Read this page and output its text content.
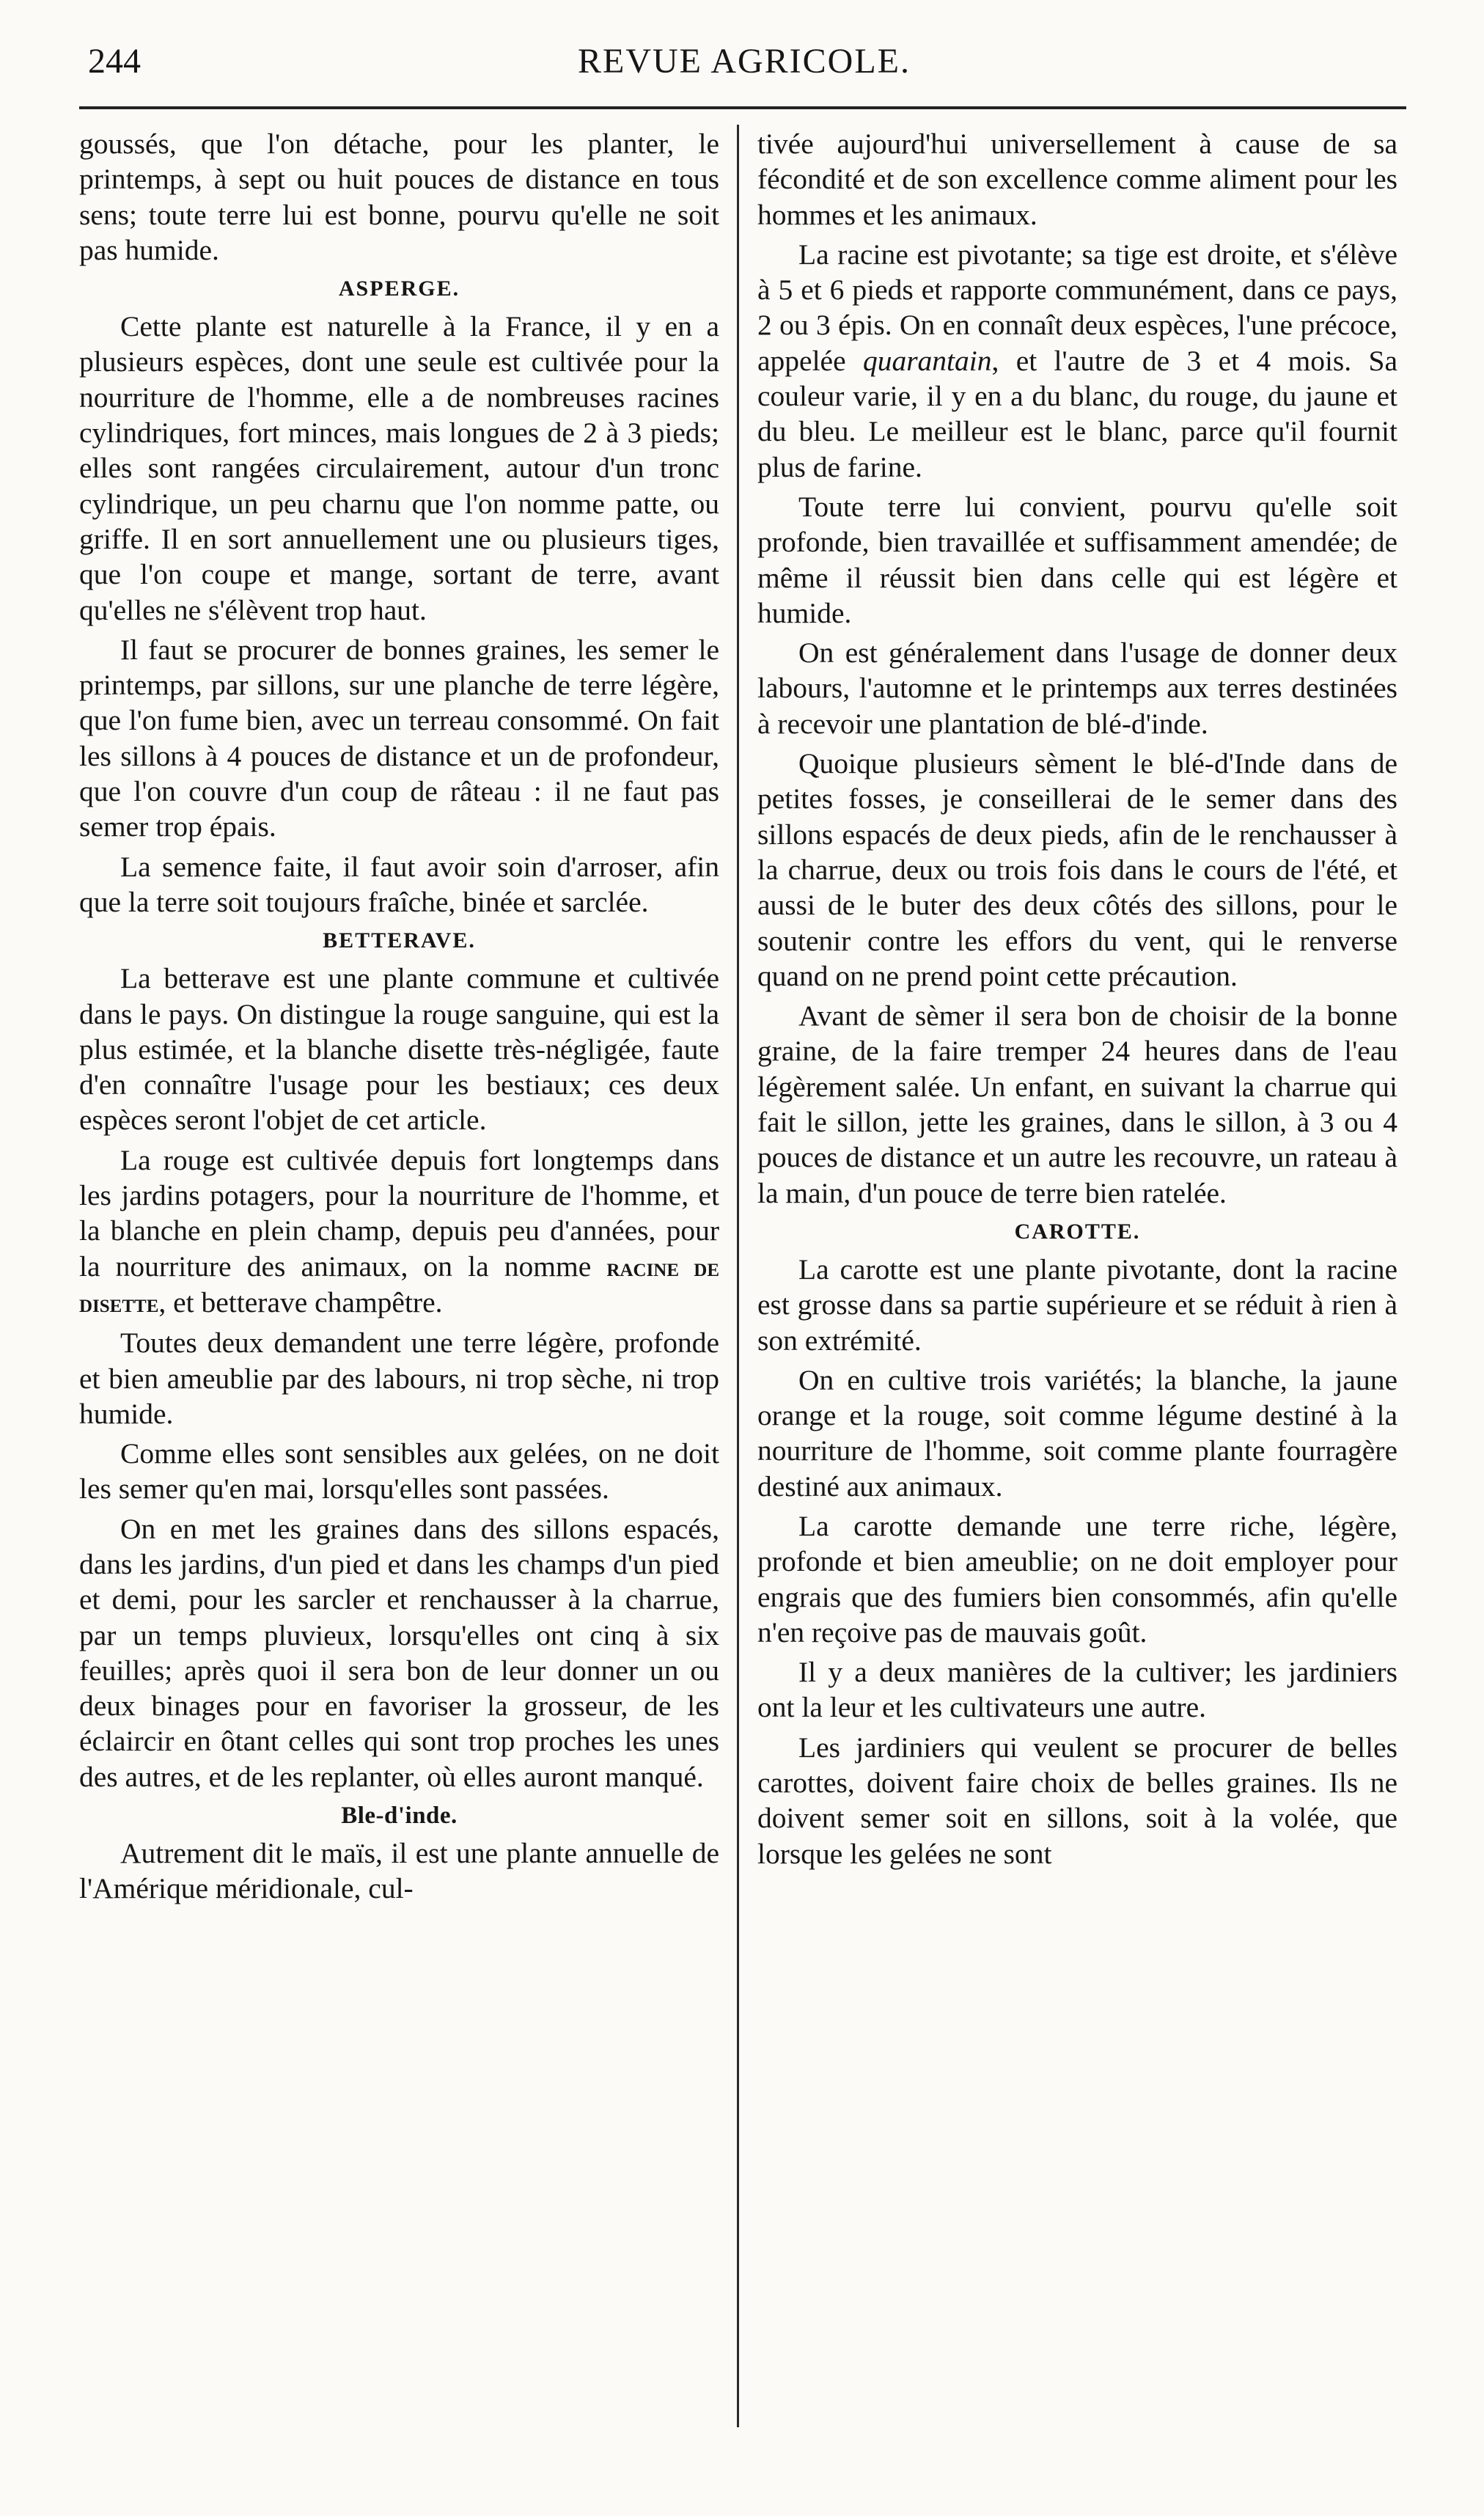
244	REVUE AGRICOLE.

goussés, que l'on détache, pour les planter, le printemps, à sept ou huit pouces de distance en tous sens; toute terre lui est bonne, pourvu qu'elle ne soit pas humide.

ASPERGE.

Cette plante est naturelle à la France, il y en a plusieurs espèces, dont une seule est cultivée pour la nourriture de l'homme, elle a de nombreuses racines cylindriques, fort minces, mais longues de 2 à 3 pieds; elles sont rangées circulairement, autour d'un tronc cylindrique, un peu charnu que l'on nomme patte, ou griffe. Il en sort annuellement une ou plusieurs tiges, que l'on coupe et mange, sortant de terre, avant qu'elles ne s'élèvent trop haut.

Il faut se procurer de bonnes graines, les semer le printemps, par sillons, sur une planche de terre légère, que l'on fume bien, avec un terreau consommé. On fait les sillons à 4 pouces de distance et un de profondeur, que l'on couvre d'un coup de râteau : il ne faut pas semer trop épais.

La semence faite, il faut avoir soin d'arroser, afin que la terre soit toujours fraîche, binée et sarclée.

BETTERAVE.

La betterave est une plante commune et cultivée dans le pays. On distingue la rouge sanguine, qui est la plus estimée, et la blanche disette très-négligée, faute d'en connaître l'usage pour les bestiaux; ces deux espèces seront l'objet de cet article.

La rouge est cultivée depuis fort longtemps dans les jardins potagers, pour la nourriture de l'homme, et la blanche en plein champ, depuis peu d'années, pour la nourriture des animaux, on la nomme racine de disette, et betterave champêtre.

Toutes deux demandent une terre légère, profonde et bien ameublie par des labours, ni trop sèche, ni trop humide.

Comme elles sont sensibles aux gelées, on ne doit les semer qu'en mai, lorsqu'elles sont passées.

On en met les graines dans des sillons espacés, dans les jardins, d'un pied et dans les champs d'un pied et demi, pour les sarcler et renchausser à la charrue, par un temps pluvieux, lorsqu'elles ont cinq à six feuilles; après quoi il sera bon de leur donner un ou deux binages pour en favoriser la grosseur, de les éclaircir en ôtant celles qui sont trop proches les unes des autres, et de les replanter, où elles auront manqué.

Ble-d'inde.

Autrement dit le maïs, il est une plante annuelle de l'Amérique méridionale, cul-

tivée aujourd'hui universellement à cause de sa fécondité et de son excellence comme aliment pour les hommes et les animaux.

La racine est pivotante; sa tige est droite, et s'élève à 5 et 6 pieds et rapporte communément, dans ce pays, 2 ou 3 épis. On en connaît deux espèces, l'une précoce, appelée quarantain, et l'autre de 3 et 4 mois. Sa couleur varie, il y en a du blanc, du rouge, du jaune et du bleu. Le meilleur est le blanc, parce qu'il fournit plus de farine.

Toute terre lui convient, pourvu qu'elle soit profonde, bien travaillée et suffisamment amendée; de même il réussit bien dans celle qui est légère et humide.

On est généralement dans l'usage de donner deux labours, l'automne et le printemps aux terres destinées à recevoir une plantation de blé-d'inde.

Quoique plusieurs sèment le blé-d'Inde dans de petites fosses, je conseillerai de le semer dans des sillons espacés de deux pieds, afin de le renchausser à la charrue, deux ou trois fois dans le cours de l'été, et aussi de le buter des deux côtés des sillons, pour le soutenir contre les effors du vent, qui le renverse quand on ne prend point cette précaution.

Avant de sèmer il sera bon de choisir de la bonne graine, de la faire tremper 24 heures dans de l'eau légèrement salée. Un enfant, en suivant la charrue qui fait le sillon, jette les graines, dans le sillon, à 3 ou 4 pouces de distance et un autre les recouvre, un rateau à la main, d'un pouce de terre bien ratelée.

CAROTTE.

La carotte est une plante pivotante, dont la racine est grosse dans sa partie supérieure et se réduit à rien à son extrémité.

On en cultive trois variétés; la blanche, la jaune orange et la rouge, soit comme légume destiné à la nourriture de l'homme, soit comme plante fourragère destiné aux animaux.

La carotte demande une terre riche, légère, profonde et bien ameublie; on ne doit employer pour engrais que des fumiers bien consommés, afin qu'elle n'en reçoive pas de mauvais goût.

Il y a deux manières de la cultiver; les jardiniers ont la leur et les cultivateurs une autre.

Les jardiniers qui veulent se procurer de belles carottes, doivent faire choix de belles graines. Ils ne doivent semer soit en sillons, soit à la volée, que lorsque les gelées ne sont
